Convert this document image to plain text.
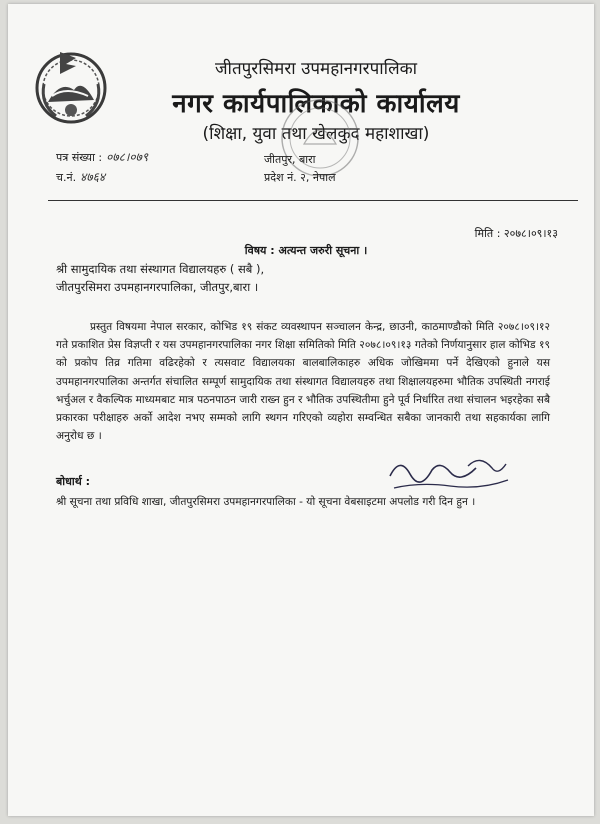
जीतपुरसिमरा उपमहानगरपालिका
नगर कार्यपालिकाको कार्यालय
(शिक्षा, युवा तथा खेलकुद महाशाखा)
पत्र संख्या : ०७८।०७९
च.नं. ४७६४
जीतपुर, बारा
प्रदेश नं. २, नेपाल
मिति : २०७८।०९।१३
विषय : अत्यन्त जरुरी सूचना ।
श्री सामुदायिक तथा संस्थागत विद्यालयहरु ( सबै ),
जीतपुरसिमरा उपमहानगरपालिका, जीतपुर,बारा ।

प्रस्तुत विषयमा नेपाल सरकार, कोभिड १९ संकट व्यवस्थापन सञ्चालन केन्द्र, छाउनी, काठमाण्डौको मिति २०७८।०९।१२ गते प्रकाशित प्रेस विज्ञप्ती र यस उपमहानगरपालिका नगर शिक्षा समितिको मिति २०७८।०९।१३ गतेको निर्णयानुसार हाल कोभिड १९ को प्रकोप तिव्र गतिमा वढिरहेको र त्यसवाट विद्यालयका बालबालिकाहरु अधिक जोखिममा पर्ने देखिएको हुनाले यस उपमहानगरपालिका अन्तर्गत संचालित सम्पूर्ण सामुदायिक तथा संस्थागत विद्यालयहरु तथा शिक्षालयहरुमा भौतिक उपस्थिती नगराई भर्चुअल र वैकल्पिक माध्यमबाट मात्र पठनपाठन जारी राख्न हुन र भौतिक उपस्थितीमा हुने पूर्व निर्धारित तथा संचालन भइरहेका सबै प्रकारका परीक्षाहरु अर्को आदेश नभए सम्मको लागि स्थगन गरिएको व्यहोरा सम्वन्धित सबैका जानकारी तथा सहकार्यका लागि अनुरोध छ ।

बोधार्थ :
श्री सूचना तथा प्रविधि शाखा, जीतपुरसिमरा उपमहानगरपालिका - यो सूचना वेबसाइटमा अपलोड गरी दिन हुन ।
